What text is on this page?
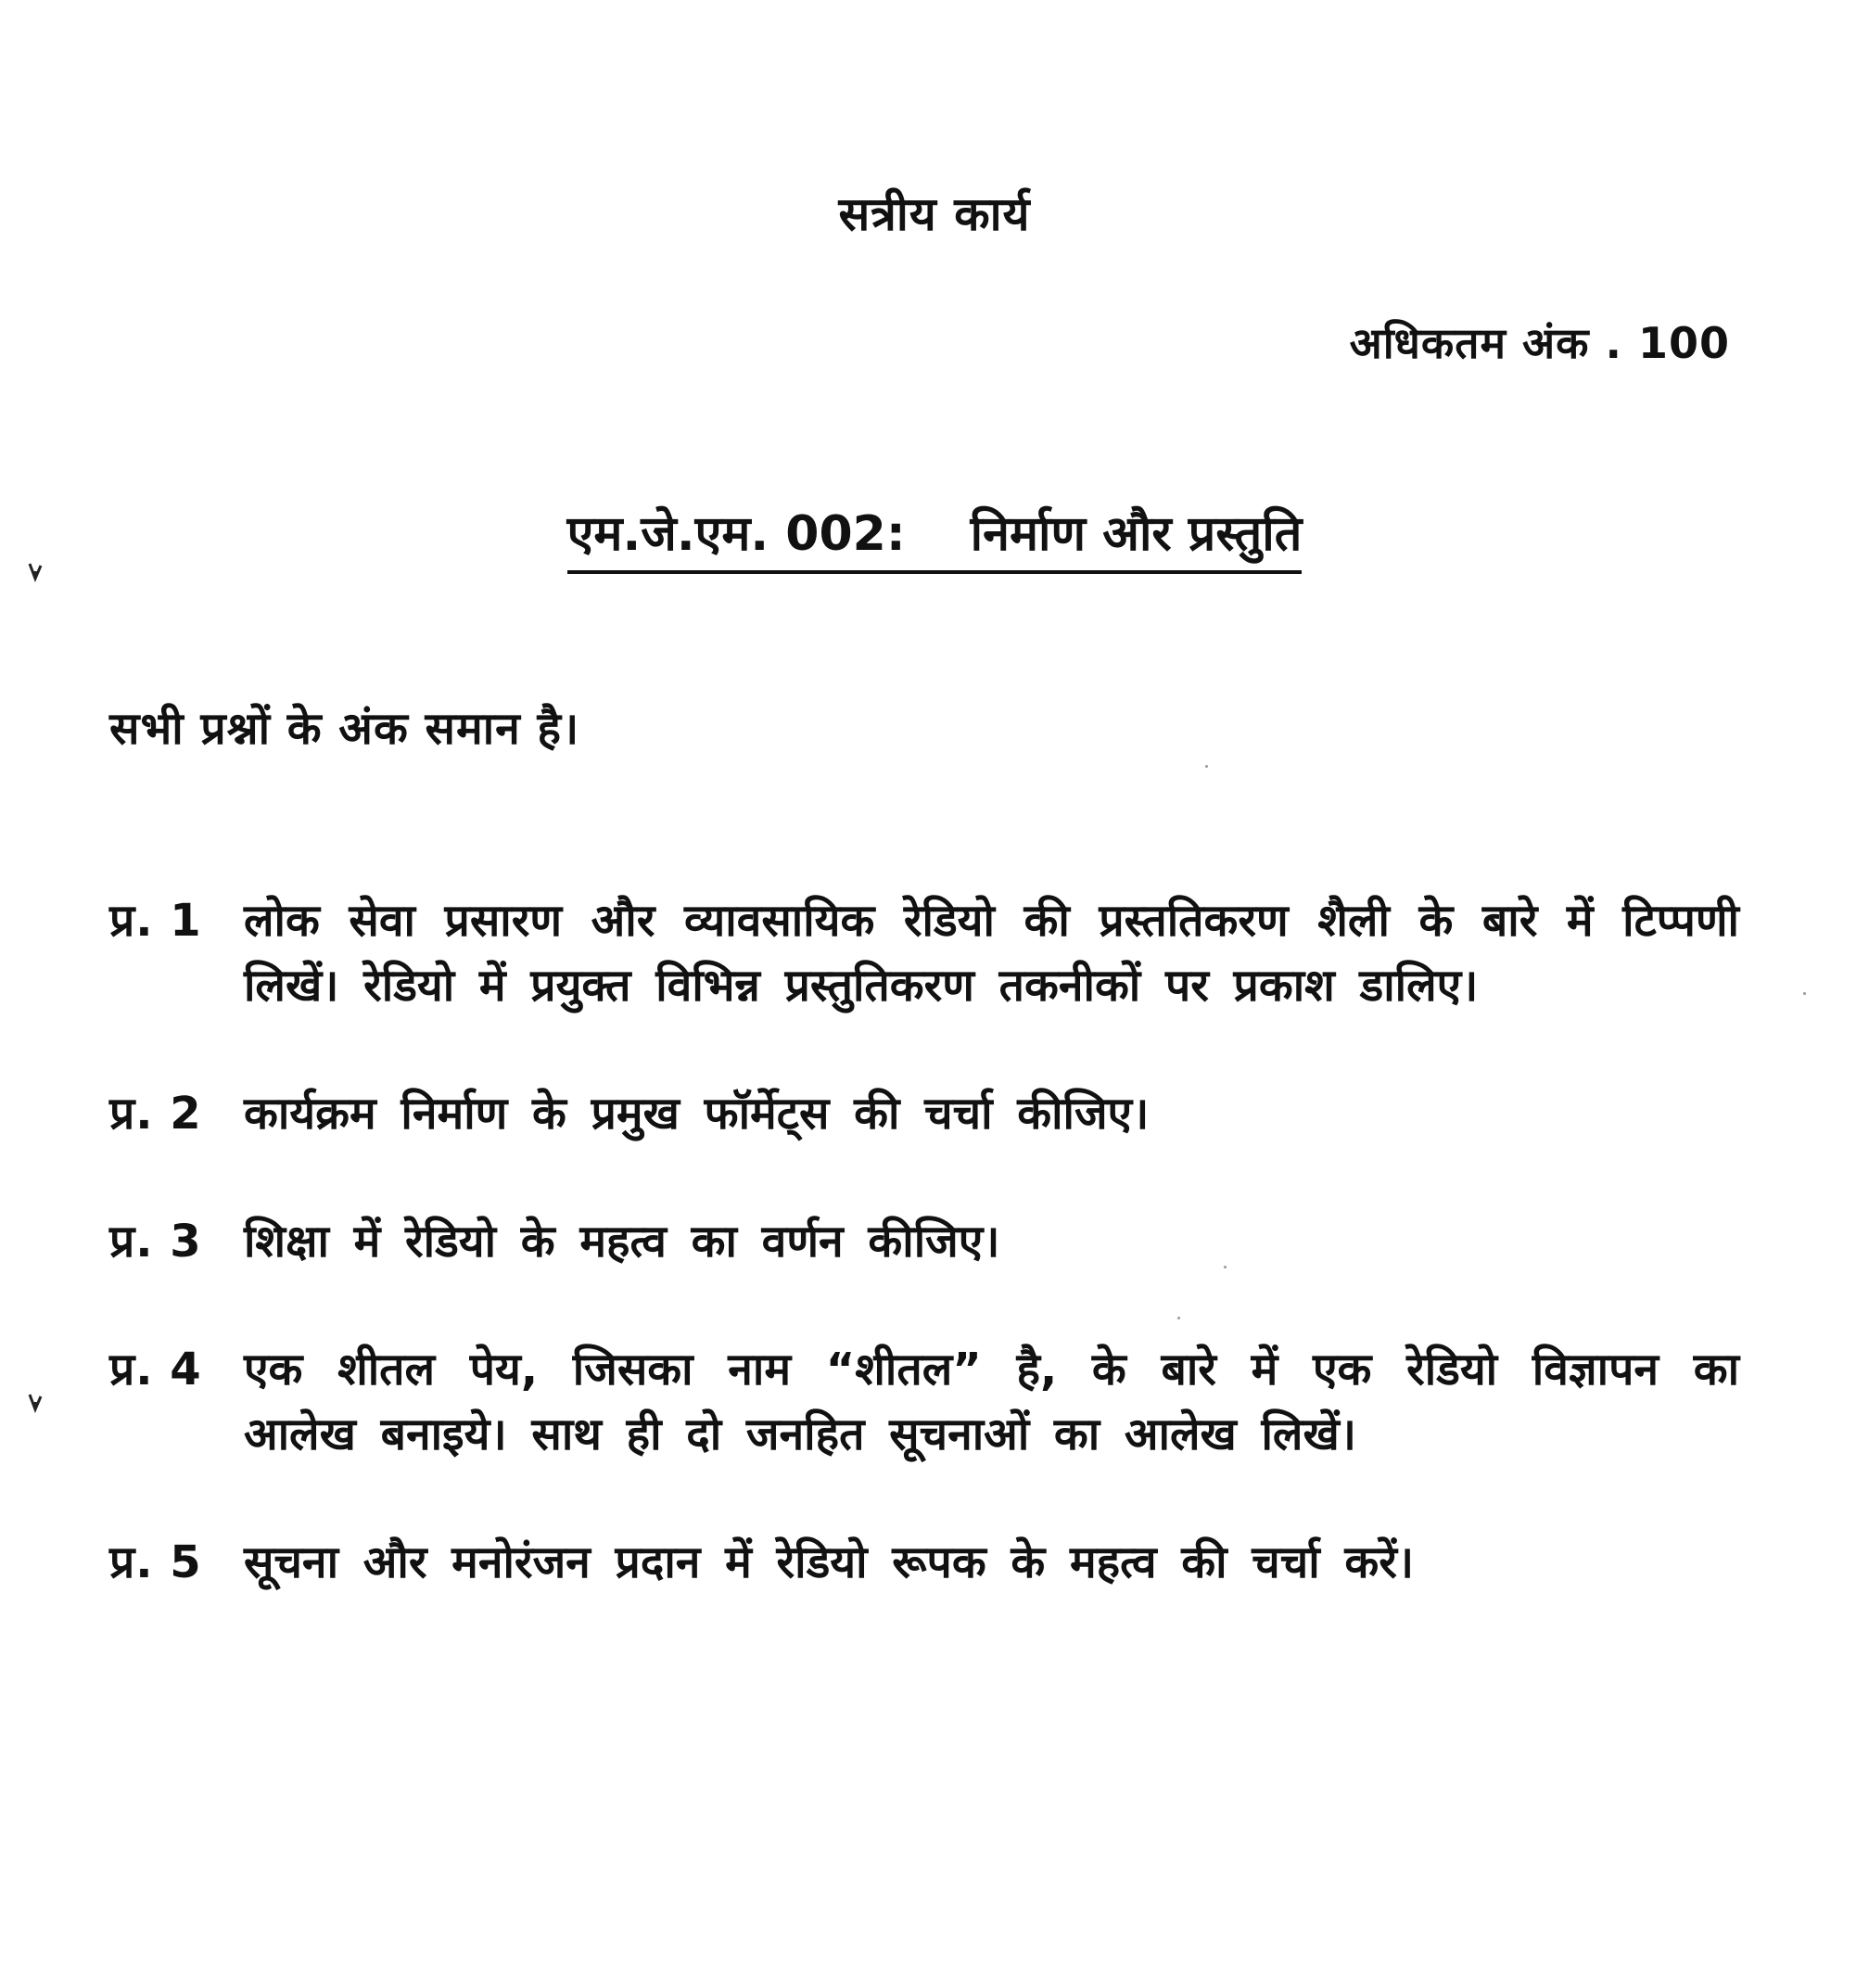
सत्रीय कार्य
अधिकतम अंक . 100
एम.जे.एम. 002: निर्माण और प्रस्तुति
सभी प्रश्नों के अंक समान है।
प्र. 1 लोक सेवा प्रसारण और व्यावसायिक रेडियो की प्रस्ततिकरण शैली के बारे में टिप्पणी लिखें। रेडियो में प्रयुक्त विभिन्न प्रस्तुतिकरण तकनीकों पर प्रकाश डालिए।
प्र. 2 कार्यक्रम निर्माण के प्रमुख फॉर्मेट्स की चर्चा कीजिए।
प्र. 3 शिक्षा में रेडियो के महत्व का वर्णन कीजिए।
प्र. 4 एक शीतल पेय, जिसका नाम “शीतल” है, के बारे में एक रेडियो विज्ञापन का आलेख बनाइये। साथ ही दो जनहित सूचनाओं का आलेख लिखें।
प्र. 5 सूचना और मनोरंजन प्रदान में रेडियो रूपक के महत्व की चर्चा करें।
